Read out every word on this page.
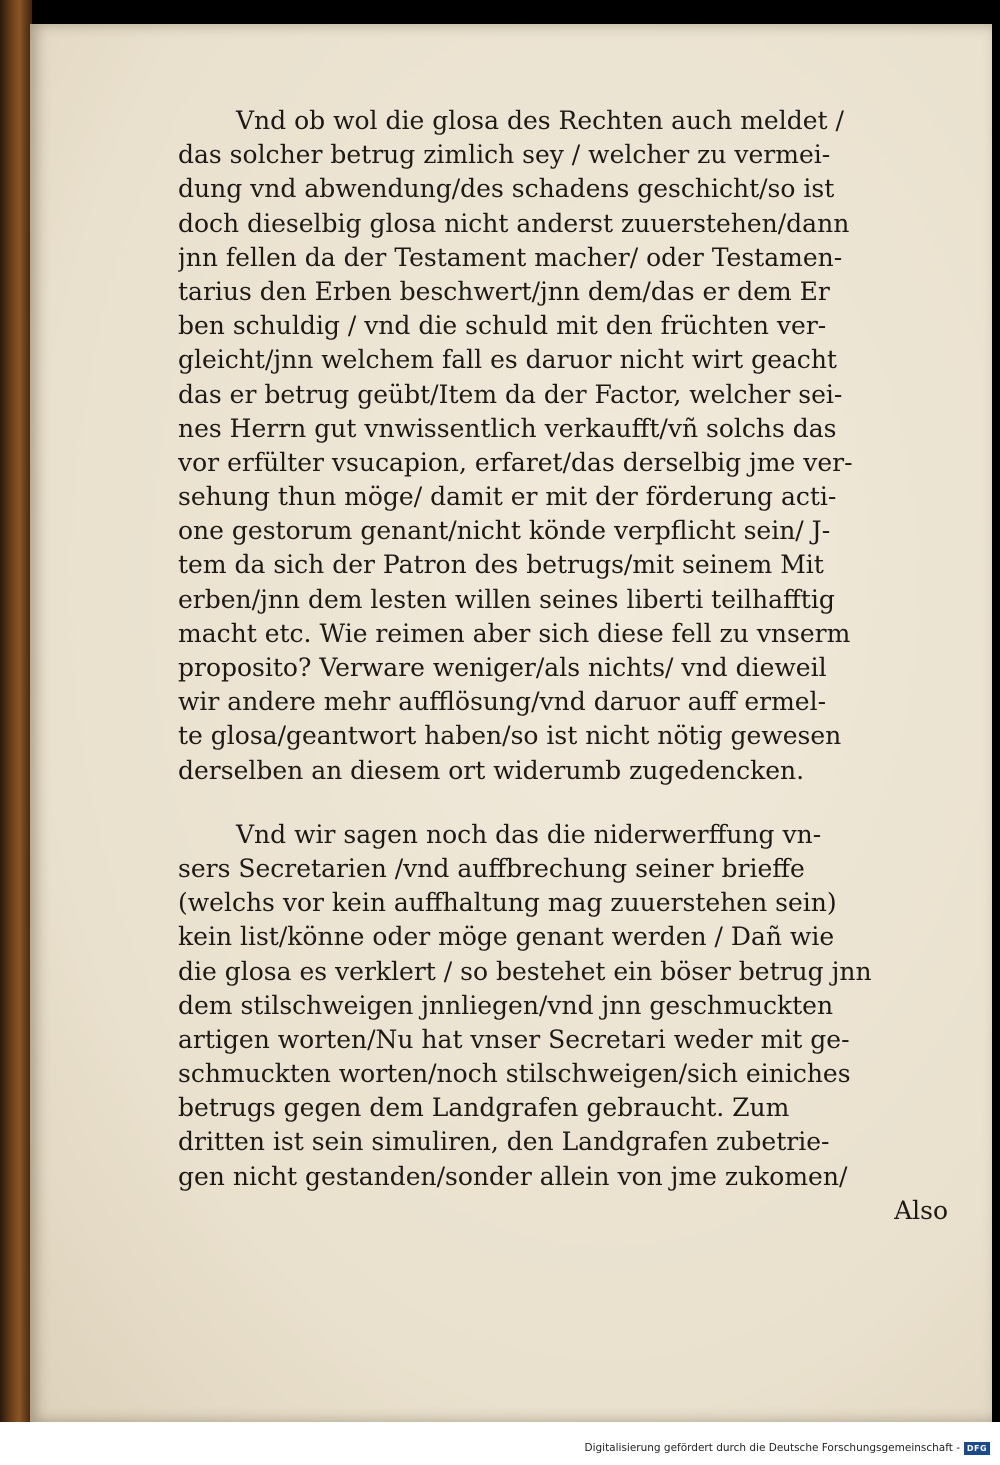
Vnd ob wol die glosa des Rechten auch meldet /
das solcher betrug zimlich sey / welcher zu vermei-
dung vnd abwendung/des schadens geschicht/so ist
doch dieselbig glosa nicht anderst zuuerstehen/dann
jnn fellen da der Testament macher/ oder Testamen-
tarius den Erben beschwert/jnn dem/das er dem Er
ben schuldig / vnd die schuld mit den früchten ver-
gleicht/jnn welchem fall es daruor nicht wirt geacht
das er betrug geübt/Item da der Factor, welcher sei-
nes Herrn gut vnwissentlich verkaufft/vñ solchs das
vor erfülter vsucapion, erfaret/das derselbig jme ver-
sehung thun möge/ damit er mit der förderung acti-
one gestorum genant/nicht könde verpflicht sein/ J-
tem da sich der Patron des betrugs/mit seinem Mit
erben/jnn dem lesten willen seines liberti teilhafftig
macht etc. Wie reimen aber sich diese fell zu vnserm
proposito? Verware weniger/als nichts/ vnd dieweil
wir andere mehr aufflösung/vnd daruor auff ermel-
te glosa/geantwort haben/so ist nicht nötig gewesen
derselben an diesem ort widerumb zugedencken.
Vnd wir sagen noch das die niderwerffung vn-
sers Secretarien /vnd auffbrechung seiner brieffe
(welchs vor kein auffhaltung mag zuuerstehen sein)
kein list/könne oder möge genant werden / Dañ wie
die glosa es verklert / so bestehet ein böser betrug jnn
dem stilschweigen jnnliegen/vnd jnn geschmuckten
artigen worten/Nu hat vnser Secretari weder mit ge-
schmuckten worten/noch stilschweigen/sich einiches
betrugs gegen dem Landgrafen gebraucht. Zum
dritten ist sein simuliren, den Landgrafen zubetrie-
gen nicht gestanden/sonder allein von jme zukomen/
Also
Digitalisierung gefördert durch die Deutsche Forschungsgemeinschaft - DFG
